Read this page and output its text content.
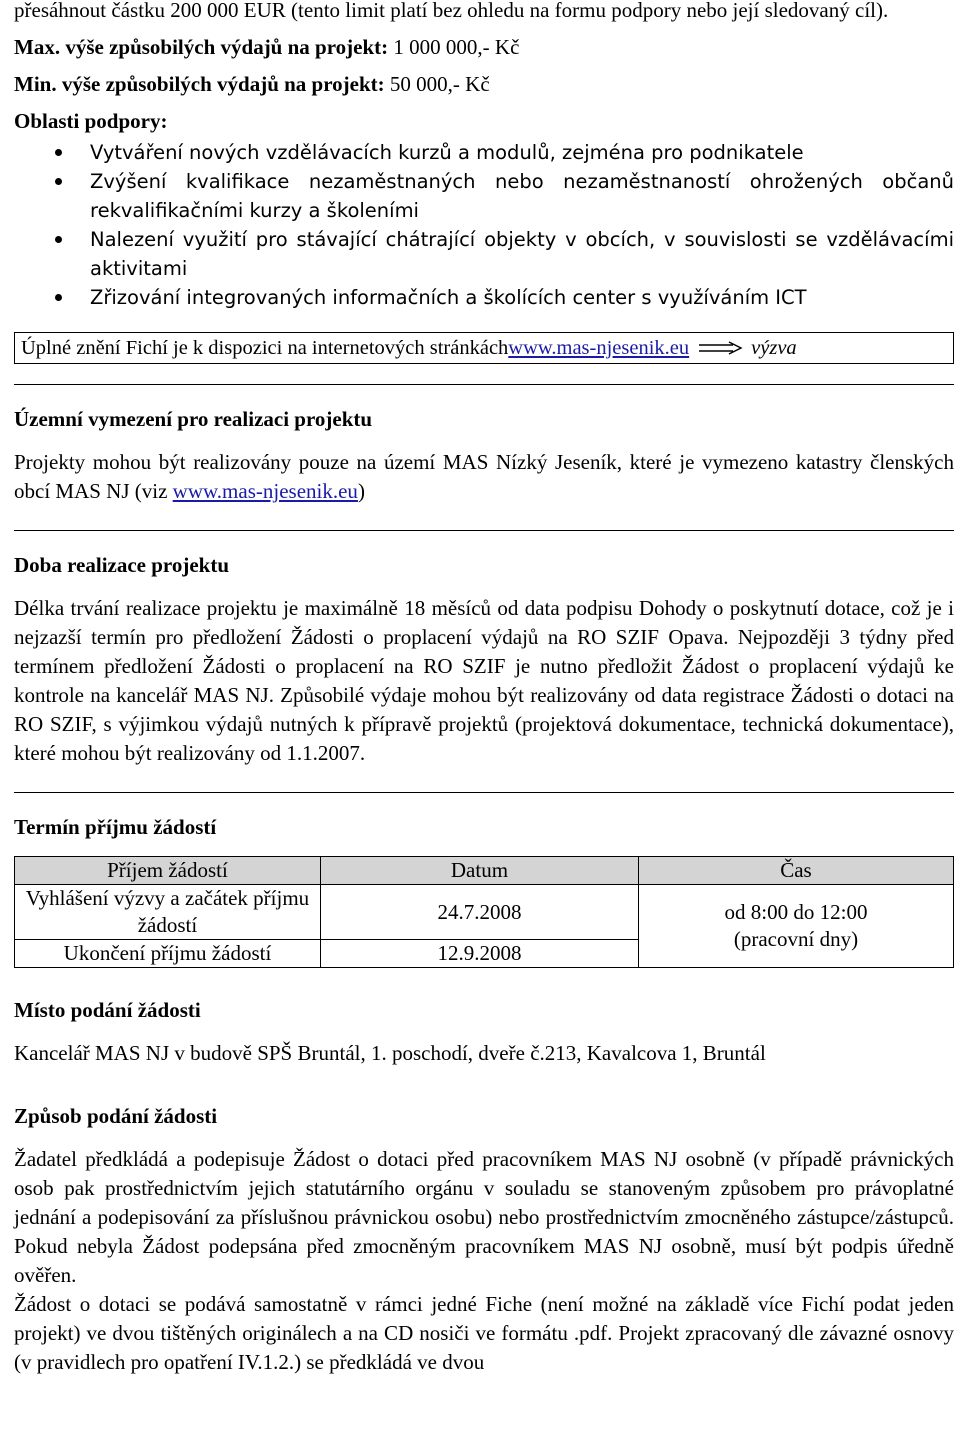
přesáhnout částku 200 000 EUR (tento limit platí bez ohledu na formu podpory nebo její sledovaný cíl).

Max. výše způsobilých výdajů na projekt: 1 000 000,- Kč

Min. výše způsobilých výdajů na projekt: 50 000,- Kč

Oblasti podpory:

Vytváření nových vzdělávacích kurzů a modulů, zejména pro podnikatele
Zvýšení kvalifikace nezaměstnaných nebo nezaměstnaností ohrožených občanů rekvalifikačními kurzy a školeními
Nalezení využití pro stávající chátrající objekty v obcích, v souvislosti se vzdělávacími aktivitami
Zřizování integrovaných informačních a školících center s využíváním ICT
Úplné znění Fichí je k dispozici na internetových stránkách www.mas-njesenik.eu	výzva
Územní vymezení pro realizaci projektu

Projekty mohou být realizovány pouze na území MAS Nízký Jeseník, které je vymezeno katastry členských obcí MAS NJ (viz www.mas-njesenik.eu)

Doba realizace projektu

Délka trvání realizace projektu je maximálně 18 měsíců od data podpisu Dohody o poskytnutí dotace, což je i nejzazší termín pro předložení Žádosti o proplacení výdajů na RO SZIF Opava. Nejpozději 3 týdny před termínem předložení Žádosti o proplacení na RO SZIF je nutno předložit Žádost o proplacení výdajů ke kontrole na kancelář MAS NJ. Způsobilé výdaje mohou být realizovány od data registrace Žádosti o dotaci na RO SZIF, s výjimkou výdajů nutných k přípravě projektů (projektová dokumentace, technická dokumentace), které mohou být realizovány od 1.1.2007.

Termín příjmu žádostí
Příjem žádostí	Datum	Čas
Vyhlášení výzvy a začátek příjmu žádostí	24.7.2008	od 8:00 do 12:00
(pracovní dny)

Ukončení příjmu žádostí	12.9.2008	
Místo podání žádosti

Kancelář MAS NJ v budově SPŠ Bruntál, 1. poschodí, dveře č.213, Kavalcova 1, Bruntál

Způsob podání žádosti

Žadatel předkládá a podepisuje Žádost o dotaci před pracovníkem MAS NJ osobně (v případě právnických osob pak prostřednictvím jejich statutárního orgánu v souladu se stanoveným způsobem pro právoplatné jednání a podepisování za příslušnou právnickou osobu) nebo prostřednictvím zmocněného zástupce/zástupců. Pokud nebyla Žádost podepsána před zmocněným pracovníkem MAS NJ osobně, musí být podpis úředně ověřen.

Žádost o dotaci se podává samostatně v rámci jedné Fiche (není možné na základě více Fichí podat jeden projekt) ve dvou tištěných originálech a na CD nosiči ve formátu .pdf. Projekt zpracovaný dle závazné osnovy (v pravidlech pro opatření IV.1.2.) se předkládá ve dvou
